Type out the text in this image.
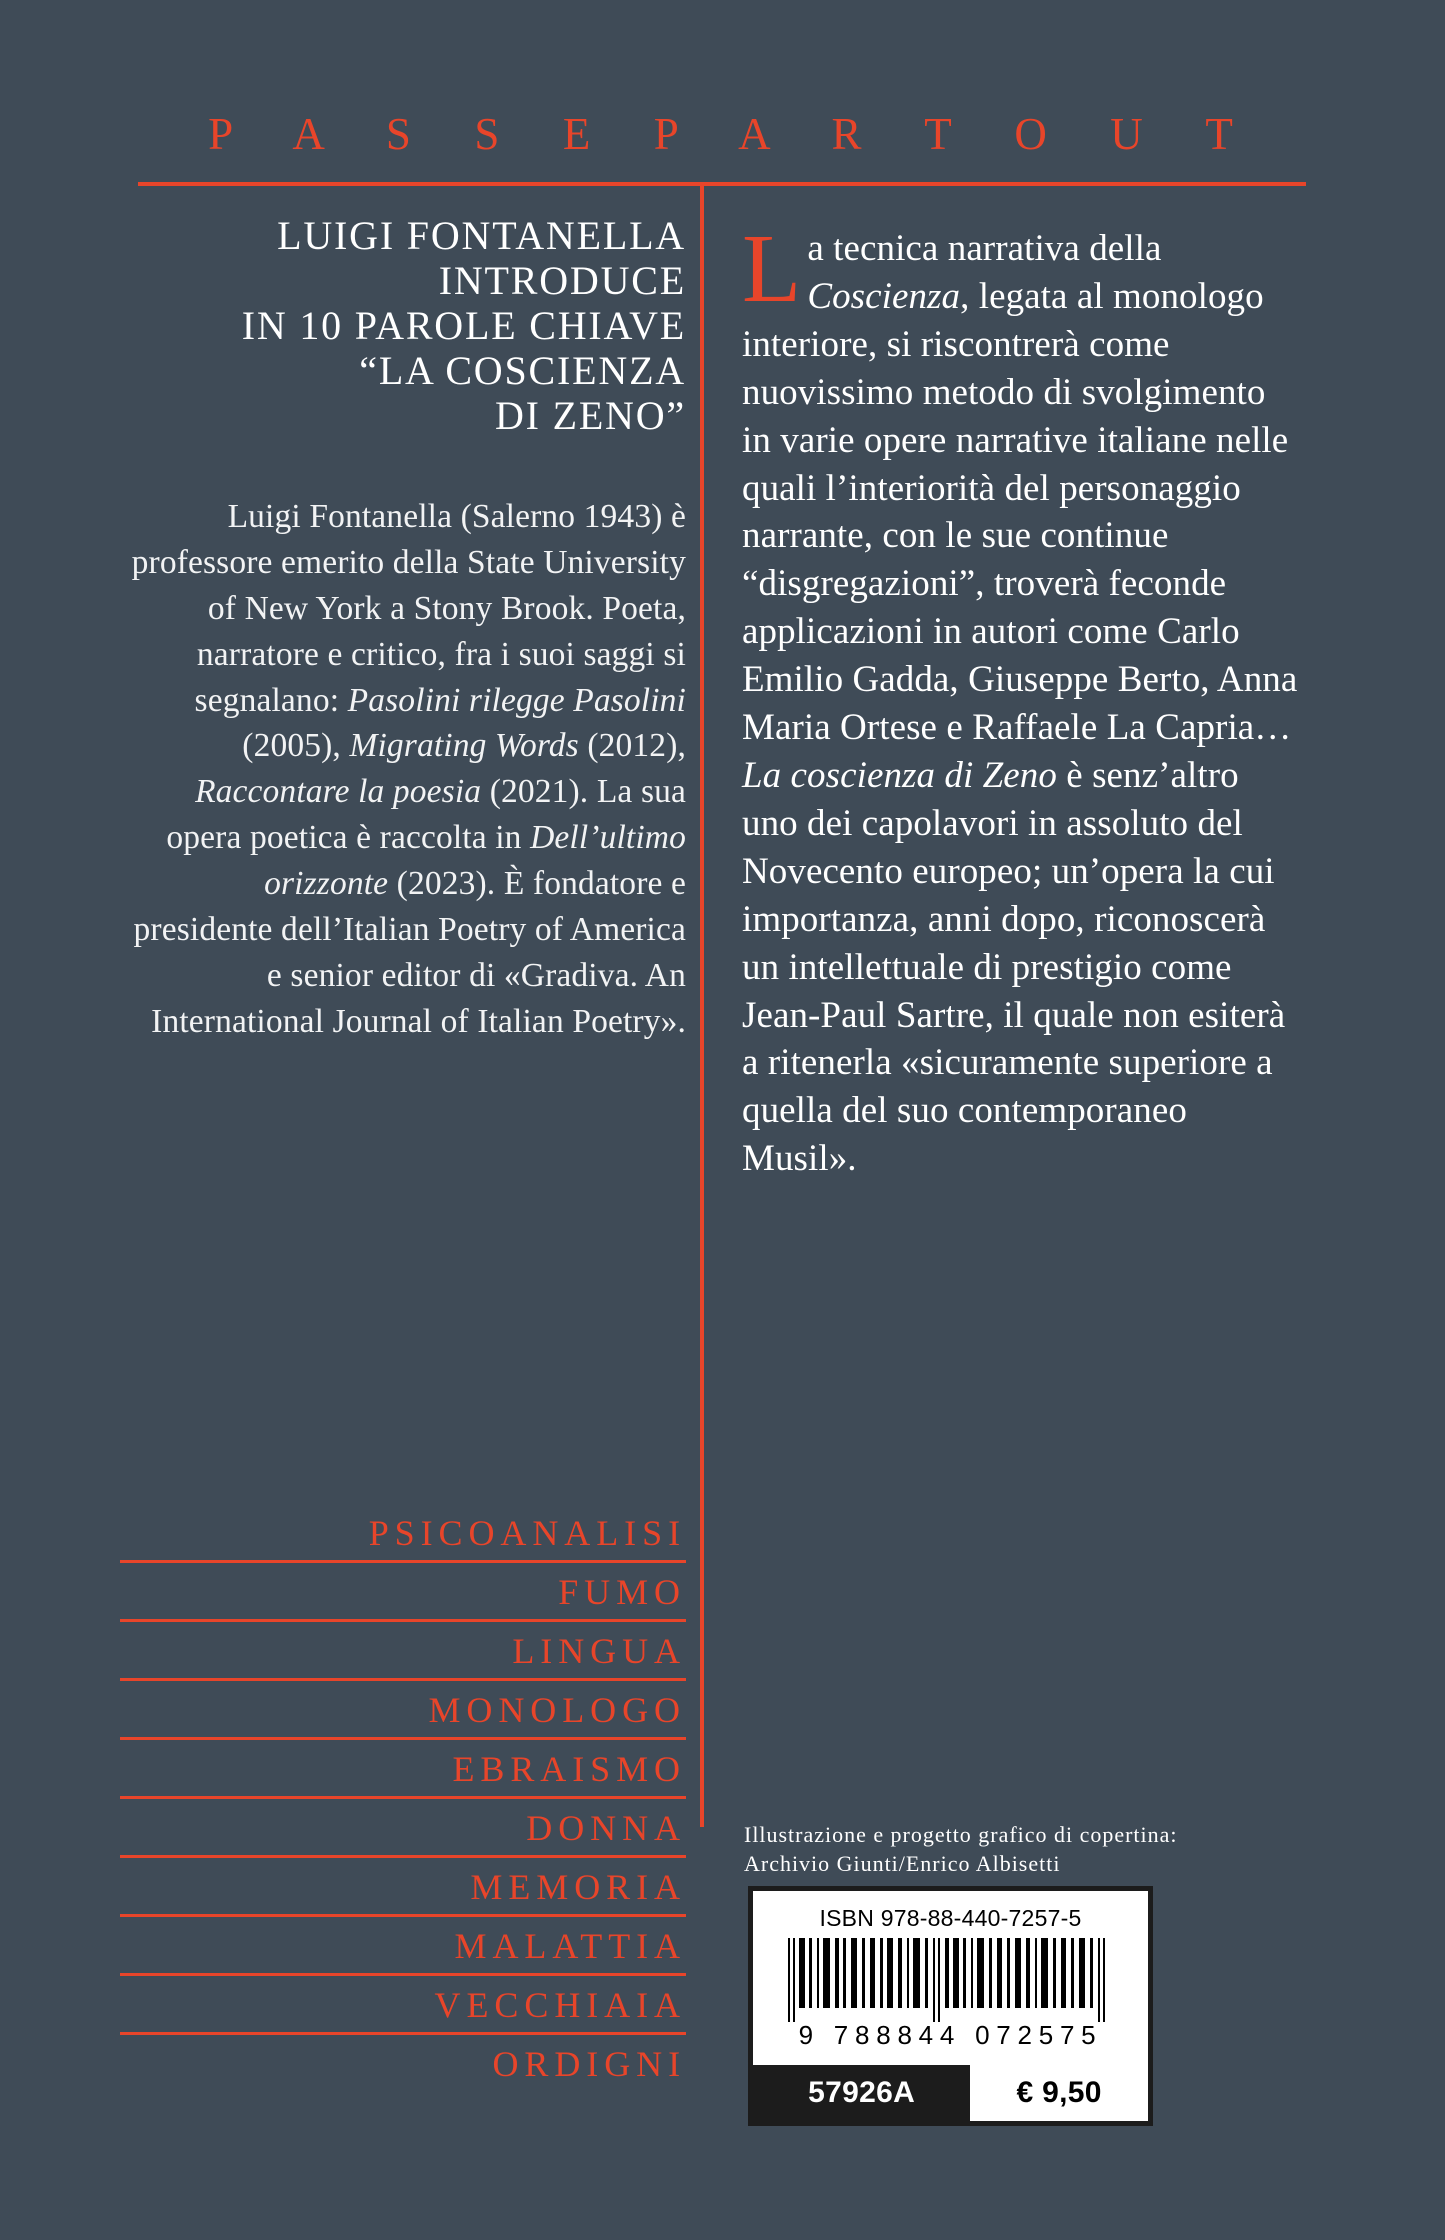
P A S S E P A R T O U T
LUIGI FONTANELLA
INTRODUCE
IN 10 PAROLE CHIAVE
“LA COSCIENZA
DI ZENO”

Luigi Fontanella (Salerno 1943) è professore emerito della State University of New York a Stony Brook. Poeta, narratore e critico, fra i suoi saggi si segnalano: Pasolini rilegge Pasolini (2005), Migrating Words (2012), Raccontare la poesia (2021). La sua opera poetica è raccolta in Dell’ultimo orizzonte (2023). È fondatore e presidente dell’Italian Poetry of America e senior editor di «Gradiva. An International Journal of Italian Poetry».

PSICOANALISI
FUMO
LINGUA
MONOLOGO
EBRAISMO
DONNA
MEMORIA
MALATTIA
VECCHIAIA
ORDIGNI
La tecnica narrativa della Coscienza, legata al monologo interiore, si riscontrerà come nuovissimo metodo di svolgimento in varie opere narrative italiane nelle quali l’interiorità del personaggio narrante, con le sue continue “disgregazioni”, troverà feconde applicazioni in autori come Carlo Emilio Gadda, Giuseppe Berto, Anna Maria Ortese e Raffaele La Capria… La coscienza di Zeno è senz’altro uno dei capolavori in assoluto del Novecento europeo; un’opera la cui importanza, anni dopo, riconoscerà un intellettuale di prestigio come Jean-Paul Sartre, il quale non esiterà a ritenerla «sicuramente superiore a quella del suo contemporaneo Musil».
Illustrazione e progetto grafico di copertina:
Archivio Giunti/Enrico Albisetti
ISBN 978-88-440-7257-5
9 788844 072575
57926A	€ 9,50
